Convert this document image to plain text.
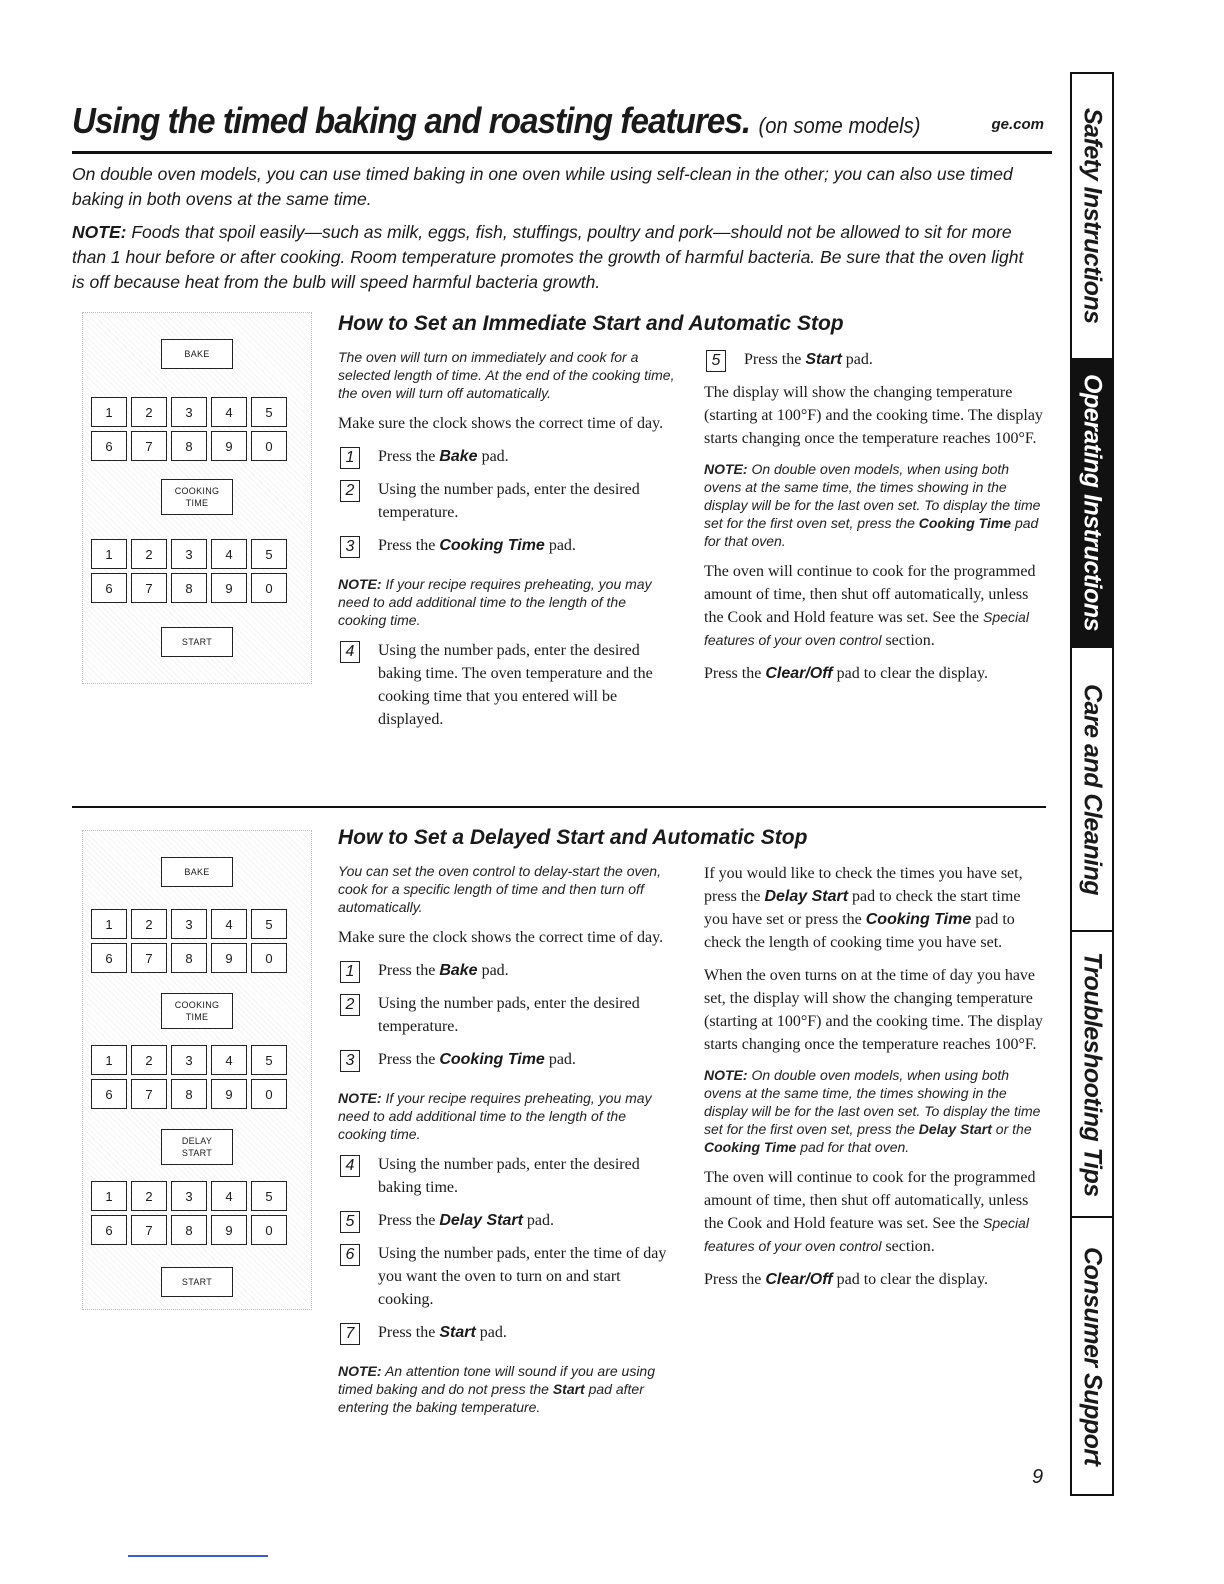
Using the timed baking and roasting features. (on some models)	ge.com

On double oven models, you can use timed baking in one oven while using self-clean in the other; you can also use timed baking in both ovens at the same time.

NOTE: Foods that spoil easily—such as milk, eggs, fish, stuffings, poultry and pork—should not be allowed to sit for more than 1 hour before or after cooking. Room temperature promotes the growth of harmful bacteria. Be sure that the oven light is off because heat from the bulb will speed harmful bacteria growth.

BAKE
1	2	3	4	5
6	7	8	9	0
COOKING
TIME
1	2	3	4	5
6	7	8	9	0
START
How to Set an Immediate Start and Automatic Stop

The oven will turn on immediately and cook for a selected length of time. At the end of the cooking time, the oven will turn off automatically.

Make sure the clock shows the correct time of day.

1	Press the Bake pad.
2	Using the number pads, enter the desired temperature.
3	Press the Cooking Time pad.

NOTE: If your recipe requires preheating, you may need to add additional time to the length of the cooking time.

4	Using the number pads, enter the desired baking time. The oven temperature and the cooking time that you entered will be displayed.
5	Press the Start pad.

The display will show the changing temperature (starting at 100°F) and the cooking time. The display starts changing once the temperature reaches 100°F.

NOTE: On double oven models, when using both ovens at the same time, the times showing in the display will be for the last oven set. To display the time set for the first oven set, press the Cooking Time pad for that oven.

The oven will continue to cook for the programmed amount of time, then shut off automatically, unless the Cook and Hold feature was set. See the Special features of your oven control section.

Press the Clear/Off pad to clear the display.

BAKE
1	2	3	4	5
6	7	8	9	0
COOKING
TIME
1	2	3	4	5
6	7	8	9	0
DELAY
START
1	2	3	4	5
6	7	8	9	0
START
How to Set a Delayed Start and Automatic Stop

You can set the oven control to delay-start the oven, cook for a specific length of time and then turn off automatically.

Make sure the clock shows the correct time of day.

1	Press the Bake pad.
2	Using the number pads, enter the desired temperature.
3	Press the Cooking Time pad.

NOTE: If your recipe requires preheating, you may need to add additional time to the length of the cooking time.

4	Using the number pads, enter the desired baking time.
5	Press the Delay Start pad.
6	Using the number pads, enter the time of day you want the oven to turn on and start cooking.
7	Press the Start pad.

NOTE: An attention tone will sound if you are using timed baking and do not press the Start pad after entering the baking temperature.

If you would like to check the times you have set, press the Delay Start pad to check the start time you have set or press the Cooking Time pad to check the length of cooking time you have set.

When the oven turns on at the time of day you have set, the display will show the changing temperature (starting at 100°F) and the cooking time. The display starts changing once the temperature reaches 100°F.

NOTE: On double oven models, when using both ovens at the same time, the times showing in the display will be for the last oven set. To display the time set for the first oven set, press the Delay Start or the Cooking Time pad for that oven.

The oven will continue to cook for the programmed amount of time, then shut off automatically, unless the Cook and Hold feature was set. See the Special features of your oven control section.

Press the Clear/Off pad to clear the display.

Safety Instructions
Operating Instructions
Care and Cleaning
Troubleshooting Tips
Consumer Support
9
